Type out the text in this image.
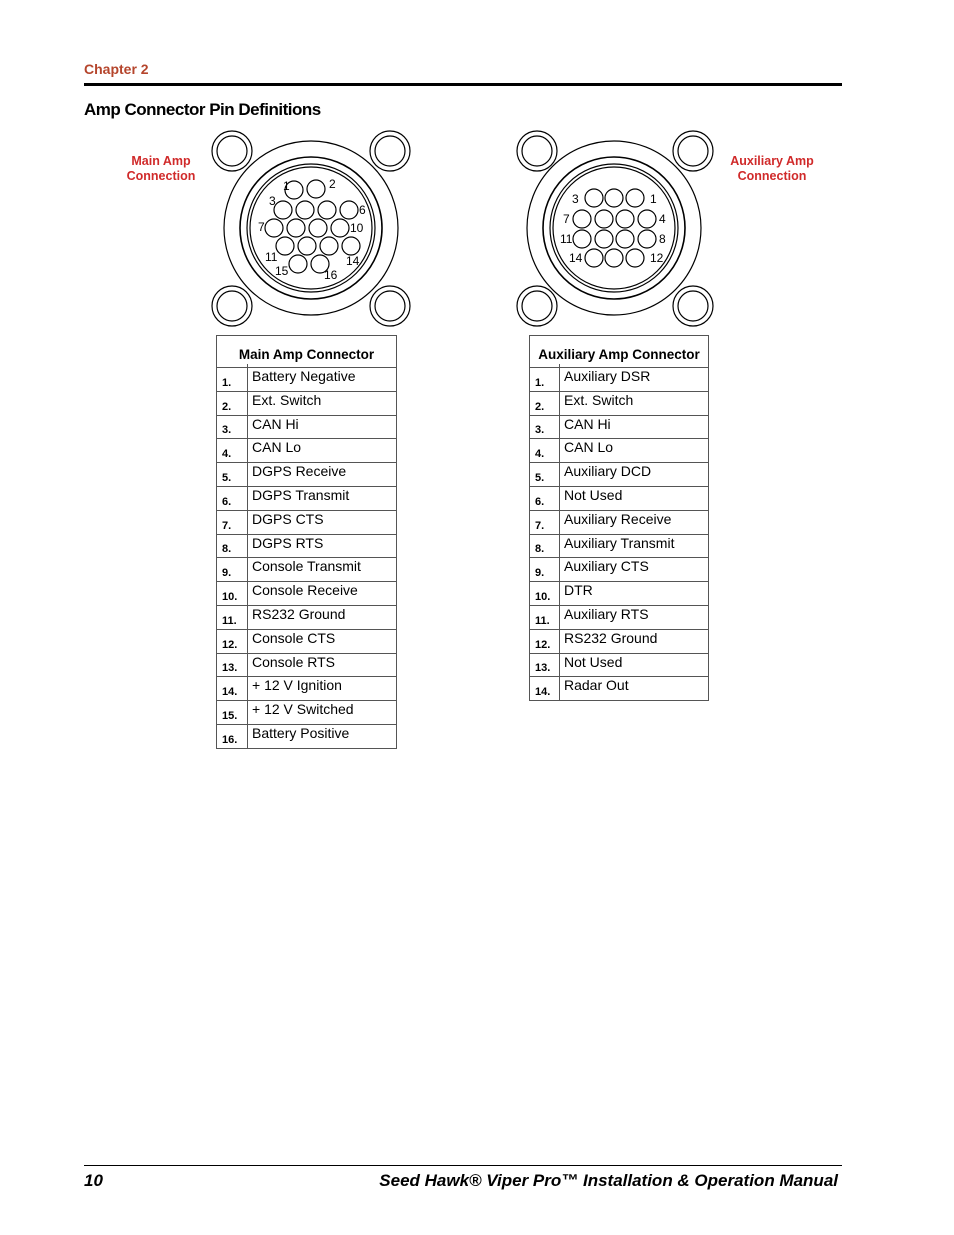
Chapter 2
Amp Connector Pin Definitions
Main Amp
Connection
1	2
3
6
7	10
11	14
15	16
3	1
7	4
11	8
14	12
Auxiliary Amp
Connection
Main Amp Connector	

1.	Battery Negative
2.	Ext. Switch
3.	CAN Hi
4.	CAN Lo
5.	DGPS Receive
6.	DGPS Transmit
7.	DGPS CTS
8.	DGPS RTS
9.	Console Transmit
10.	Console Receive
11.	RS232 Ground
12.	Console CTS
13.	Console RTS
14.	+ 12 V Ignition
15.	+ 12 V Switched
16.	Battery Positive
Auxiliary Amp Connector	

1.	Auxiliary DSR
2.	Ext. Switch
3.	CAN Hi
4.	CAN Lo
5.	Auxiliary DCD
6.	Not Used
7.	Auxiliary Receive
8.	Auxiliary Transmit
9.	Auxiliary CTS
10.	DTR
11.	Auxiliary RTS
12.	RS232 Ground
13.	Not Used
14.	Radar Out
10	Seed Hawk® Viper Pro™ Installation & Operation Manual
